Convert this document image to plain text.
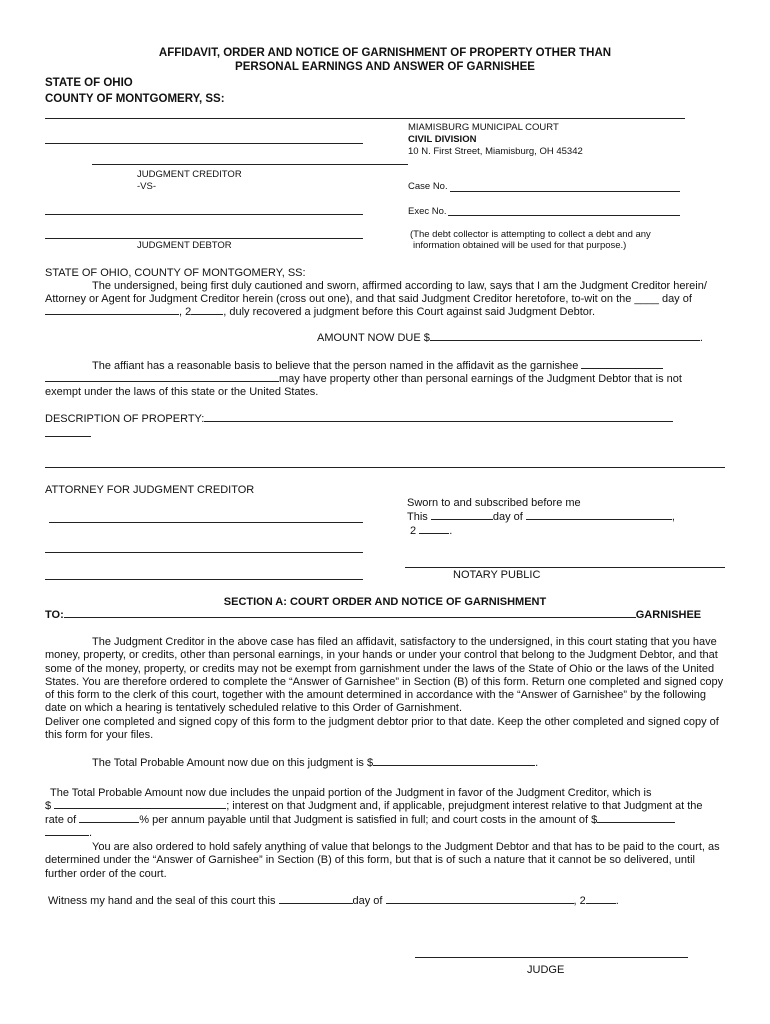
AFFIDAVIT, ORDER AND NOTICE OF GARNISHMENT OF PROPERTY OTHER THAN
PERSONAL EARNINGS AND ANSWER OF GARNISHEE
STATE OF OHIO
COUNTY OF MONTGOMERY, SS:
MIAMISBURG MUNICIPAL COURT
CIVIL DIVISION
10 N. First Street, Miamisburg, OH 45342
JUDGMENT CREDITOR
-VS-	Case No.
Exec No.
JUDGMENT DEBTOR
(The debt collector is attempting to collect a debt and any
information obtained will be used for that purpose.)
STATE OF OHIO, COUNTY OF MONTGOMERY, SS:
The undersigned, being first duly cautioned and sworn, affirmed according to law, says that I am the Judgment Creditor herein/
Attorney or Agent for Judgment Creditor herein (cross out one), and that said Judgment Creditor heretofore, to-wit on the ____ day of
, 2	, duly recovered a judgment before this Court against said Judgment Debtor.
AMOUNT NOW DUE $	.
The affiant has a reasonable basis to believe that the person named in the affidavit as the garnishee
may have property other than personal earnings of the Judgment Debtor that is not
exempt under the laws of this state or the United States.
DESCRIPTION OF PROPERTY:
ATTORNEY FOR JUDGMENT CREDITOR
Sworn to and subscribed before me
This	day of	,
2	.
NOTARY PUBLIC
SECTION A: COURT ORDER AND NOTICE OF GARNISHMENT
TO:	GARNISHEE
The Judgment Creditor in the above case has filed an affidavit, satisfactory to the undersigned, in this court stating that you have money, property, or credits, other than personal earnings, in your hands or under your control that belong to the Judgment Debtor, and that some of the money, property, or credits may not be exempt from garnishment under the laws of the State of Ohio or the laws of the United States. You are therefore ordered to complete the “Answer of Garnishee” in Section (B) of this form. Return one completed and signed copy of this form to the clerk of this court, together with the amount determined in accordance with the “Answer of Garnishee” by the following date on which a hearing is tentatively scheduled relative to this Order of Garnishment.
Deliver one completed and signed copy of this form to the judgment debtor prior to that date. Keep the other completed and signed copy of this form for your files.
The Total Probable Amount now due on this judgment is $	.
The Total Probable Amount now due includes the unpaid portion of the Judgment in favor of the Judgment Creditor, which is
$	; interest on that Judgment and, if applicable, prejudgment interest relative to that Judgment at the
rate of	% per annum payable until that Judgment is satisfied in full; and court costs in the amount of $
.
You are also ordered to hold safely anything of value that belongs to the Judgment Debtor and that has to be paid to the court, as determined under the “Answer of Garnishee” in Section (B) of this form, but that is of such a nature that it cannot be so delivered, until further order of the court.
Witness my hand and the seal of this court this	day of	, 2	.
JUDGE
